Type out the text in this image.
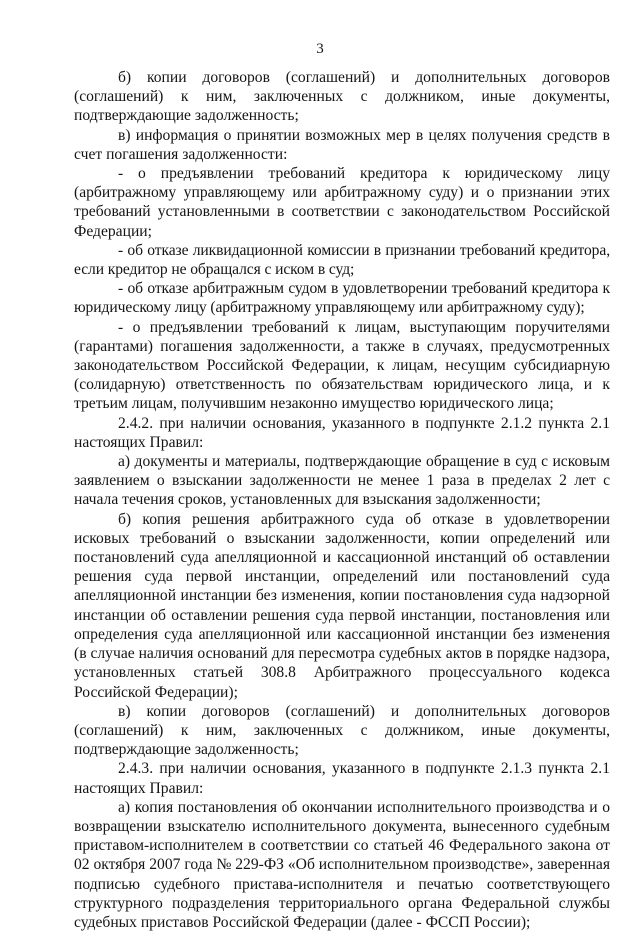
3

б) копии договоров (соглашений) и дополнительных договоров (соглашений) к ним, заключенных с должником, иные документы, подтверждающие задолженность;

в) информация о принятии возможных мер в целях получения средств в счет погашения задолженности:

- о предъявлении требований кредитора к юридическому лицу (арбитражному управляющему или арбитражному суду) и о признании этих требований установленными в соответствии с законодательством Российской Федерации;

- об отказе ликвидационной комиссии в признании требований кредитора, если кредитор не обращался с иском в суд;

- об отказе арбитражным судом в удовлетворении требований кредитора к юридическому лицу (арбитражному управляющему или арбитражному суду);

- о предъявлении требований к лицам, выступающим поручителями (гарантами) погашения задолженности, а также в случаях, предусмотренных законодательством Российской Федерации, к лицам, несущим субсидиарную (солидарную) ответственность по обязательствам юридического лица, и к третьим лицам, получившим незаконно имущество юридического лица;

2.4.2. при наличии основания, указанного в подпункте 2.1.2 пункта 2.1 настоящих Правил:

а) документы и материалы, подтверждающие обращение в суд с исковым заявлением о взыскании задолженности не менее 1 раза в пределах 2 лет с начала течения сроков, установленных для взыскания задолженности;

б) копия решения арбитражного суда об отказе в удовлетворении исковых требований о взыскании задолженности, копии определений или постановлений суда апелляционной и кассационной инстанций об оставлении решения суда первой инстанции, определений или постановлений суда апелляционной инстанции без изменения, копии постановления суда надзорной инстанции об оставлении решения суда первой инстанции, постановления или определения суда апелляционной или кассационной инстанции без изменения (в случае наличия оснований для пересмотра судебных актов в порядке надзора, установленных статьей 308.8 Арбитражного процессуального кодекса Российской Федерации);

в) копии договоров (соглашений) и дополнительных договоров (соглашений) к ним, заключенных с должником, иные документы, подтверждающие задолженность;

2.4.3. при наличии основания, указанного в подпункте 2.1.3 пункта 2.1 настоящих Правил:

а) копия постановления об окончании исполнительного производства и о возвращении взыскателю исполнительного документа, вынесенного судебным приставом-исполнителем в соответствии со статьей 46 Федерального закона от 02 октября 2007 года № 229-ФЗ «Об исполнительном производстве», заверенная подписью судебного пристава-исполнителя и печатью соответствующего структурного подразделения территориального органа Федеральной службы судебных приставов Российской Федерации (далее - ФССП России);
